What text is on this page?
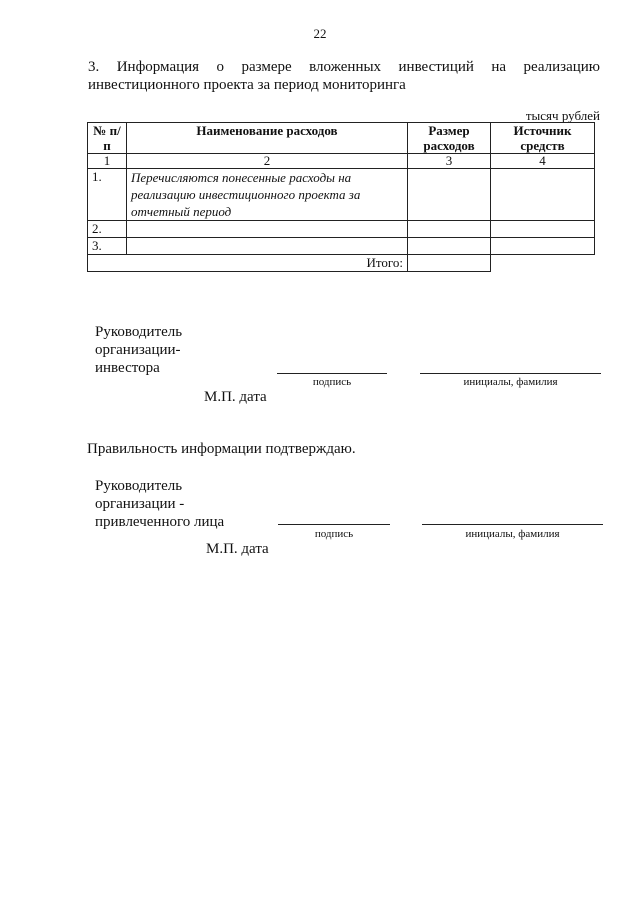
22
3. Информация о размере вложенных инвестиций на реализацию инвестиционного проекта за период мониторинга
тысяч рублей
№ п/п	Наименование расходов	Размер расходов	Источник средств
1	2	3	4
1.	Перечисляются понесенные расходы на реализацию инвестиционного проекта за отчетный период		
2.			
3.			
Итого:			
Руководитель
организации-
инвестора
подпись	инициалы, фамилия
М.П. дата
Правильность информации подтверждаю.
Руководитель
организации -
привлеченного лица
подпись	инициалы, фамилия
М.П. дата
